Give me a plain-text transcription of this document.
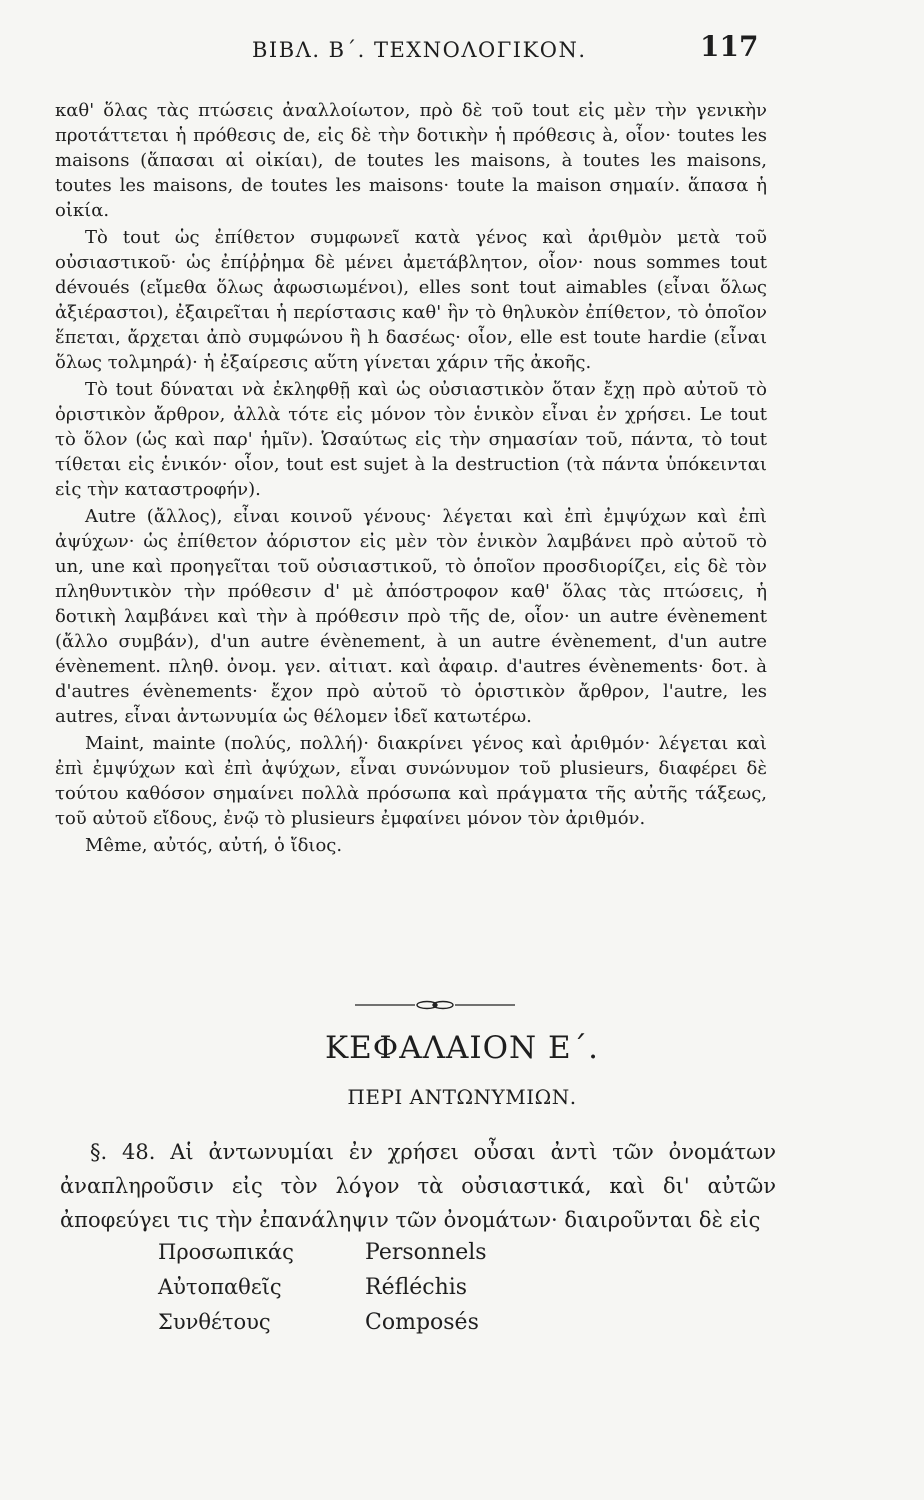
ΒΙΒΛ. Β΄. ΤΕΧΝΟΛΟΓΙΚΟΝ.	117

καθ' ὅλας τὰς πτώσεις ἀναλλοίωτον, πρὸ δὲ τοῦ tout εἰς μὲν τὴν γενικὴν προτάττεται ἡ πρόθεσις de, εἰς δὲ τὴν δοτικὴν ἡ πρόθεσις à, οἷον· toutes les maisons (ἅπασαι αἱ οἰκίαι), de toutes les maisons, à toutes les maisons, toutes les maisons, de toutes les maisons· toute la maison σημαίν. ἅπασα ἡ οἰκία.

Τὸ tout ὡς ἐπίθετον συμφωνεῖ κατὰ γένος καὶ ἀριθμὸν μετὰ τοῦ οὐσιαστικοῦ· ὡς ἐπίῤῥημα δὲ μένει ἀμετάβλητον, οἷον· nous sommes tout dévoués (εἴμεθα ὅλως ἀφωσιωμένοι), elles sont tout aimables (εἶναι ὅλως ἀξιέραστοι), ἐξαιρεῖται ἡ περίστασις καθ' ἣν τὸ θηλυκὸν ἐπίθετον, τὸ ὁποῖον ἕπεται, ἄρχεται ἀπὸ συμφώνου ἢ h δασέως· οἷον, elle est toute hardie (εἶναι ὅλως τολμηρά)· ἡ ἐξαίρεσις αὕτη γίνεται χάριν τῆς ἀκοῆς.

Τὸ tout δύναται νὰ ἐκληφθῇ καὶ ὡς οὐσιαστικὸν ὅταν ἔχῃ πρὸ αὐτοῦ τὸ ὁριστικὸν ἄρθρον, ἀλλὰ τότε εἰς μόνον τὸν ἑνικὸν εἶναι ἐν χρήσει. Le tout τὸ ὅλον (ὡς καὶ παρ' ἡμῖν). Ὡσαύτως εἰς τὴν σημασίαν τοῦ, πάντα, τὸ tout τίθεται εἰς ἑνικόν· οἷον, tout est sujet à la destruction (τὰ πάντα ὑπόκεινται εἰς τὴν καταστροφήν).

Autre (ἄλλος), εἶναι κοινοῦ γένους· λέγεται καὶ ἐπὶ ἐμψύχων καὶ ἐπὶ ἀψύχων· ὡς ἐπίθετον ἀόριστον εἰς μὲν τὸν ἑνικὸν λαμβάνει πρὸ αὐτοῦ τὸ un, une καὶ προηγεῖται τοῦ οὐσιαστικοῦ, τὸ ὁποῖον προσδιορίζει, εἰς δὲ τὸν πληθυντικὸν τὴν πρόθεσιν d' μὲ ἀπόστροφον καθ' ὅλας τὰς πτώσεις, ἡ δοτικὴ λαμβάνει καὶ τὴν à πρόθεσιν πρὸ τῆς de, οἷον· un autre évènement (ἄλλο συμβάν), d'un autre évènement, à un autre évènement, d'un autre évènement. πληθ. ὀνομ. γεν. αἰτιατ. καὶ ἀφαιρ. d'autres évènements· δοτ. à d'autres évènements· ἔχον πρὸ αὐτοῦ τὸ ὁριστικὸν ἄρθρον, l'autre, les autres, εἶναι ἀντωνυμία ὡς θέλομεν ἰδεῖ κατωτέρω.

Maint, mainte (πολύς, πολλή)· διακρίνει γένος καὶ ἀριθμόν· λέγεται καὶ ἐπὶ ἐμψύχων καὶ ἐπὶ ἀψύχων, εἶναι συνώνυμον τοῦ plusieurs, διαφέρει δὲ τούτου καθόσον σημαίνει πολλὰ πρόσωπα καὶ πράγματα τῆς αὐτῆς τάξεως, τοῦ αὐτοῦ εἴδους, ἐνῷ τὸ plusieurs ἐμφαίνει μόνον τὸν ἀριθμόν.

Même, αὐτός, αὐτή, ὁ ἴδιος.

ΚΕΦΑΛΑΙΟΝ Ε΄.
ΠΕΡΙ ΑΝΤΩΝΥΜΙΩΝ.
§. 48. Αἱ ἀντωνυμίαι ἐν χρήσει οὖσαι ἀντὶ τῶν ὀνομάτων ἀναπληροῦσιν εἰς τὸν λόγον τὰ οὐσιαστικά, καὶ δι' αὐτῶν ἀποφεύγει τις τὴν ἐπανάληψιν τῶν ὀνομάτων· διαιροῦνται δὲ εἰς
Προσωπικάς	Personnels
Αὐτοπαθεῖς	Réfléchis
Συνθέτους	Composés
